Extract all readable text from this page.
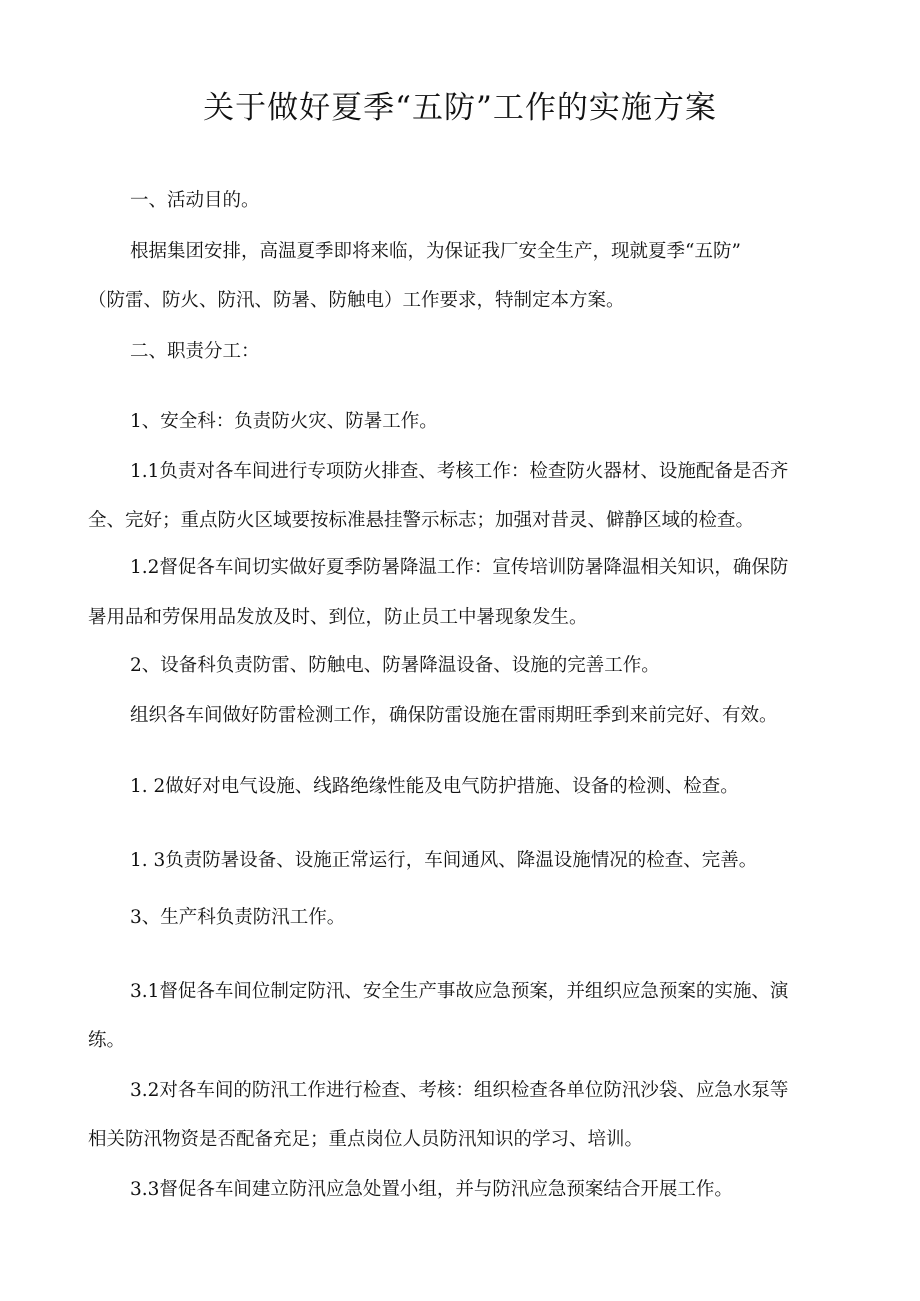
关于做好夏季“五防”工作的实施方案
一、活动目的。
根据集团安排，高温夏季即将来临，为保证我厂安全生产，现就夏季“五防”
（防雷、防火、防汛、防暑、防触电）工作要求，特制定本方案。
二、职责分工：
1、安全科：负责防火灾、防暑工作。
1.1负责对各车间进行专项防火排查、考核工作：检查防火器材、设施配备是否齐
全、完好；重点防火区域要按标准悬挂警示标志；加强对昔灵、僻静区域的检查。
1.2督促各车间切实做好夏季防暑降温工作：宣传培训防暑降温相关知识，确保防
暑用品和劳保用品发放及时、到位，防止员工中暑现象发生。
2、设备科负责防雷、防触电、防暑降温设备、设施的完善工作。
组织各车间做好防雷检测工作，确保防雷设施在雷雨期旺季到来前完好、有效。
1. 2做好对电气设施、线路绝缘性能及电气防护措施、设备的检测、检查。
1. 3负责防暑设备、设施正常运行，车间通风、降温设施情况的检查、完善。
3、生产科负责防汛工作。
3.1督促各车间位制定防汛、安全生产事故应急预案，并组织应急预案的实施、演
练。
3.2对各车间的防汛工作进行检查、考核：组织检查各单位防汛沙袋、应急水泵等
相关防汛物资是否配备充足；重点岗位人员防汛知识的学习、培训。
3.3督促各车间建立防汛应急处置小组，并与防汛应急预案结合开展工作。
